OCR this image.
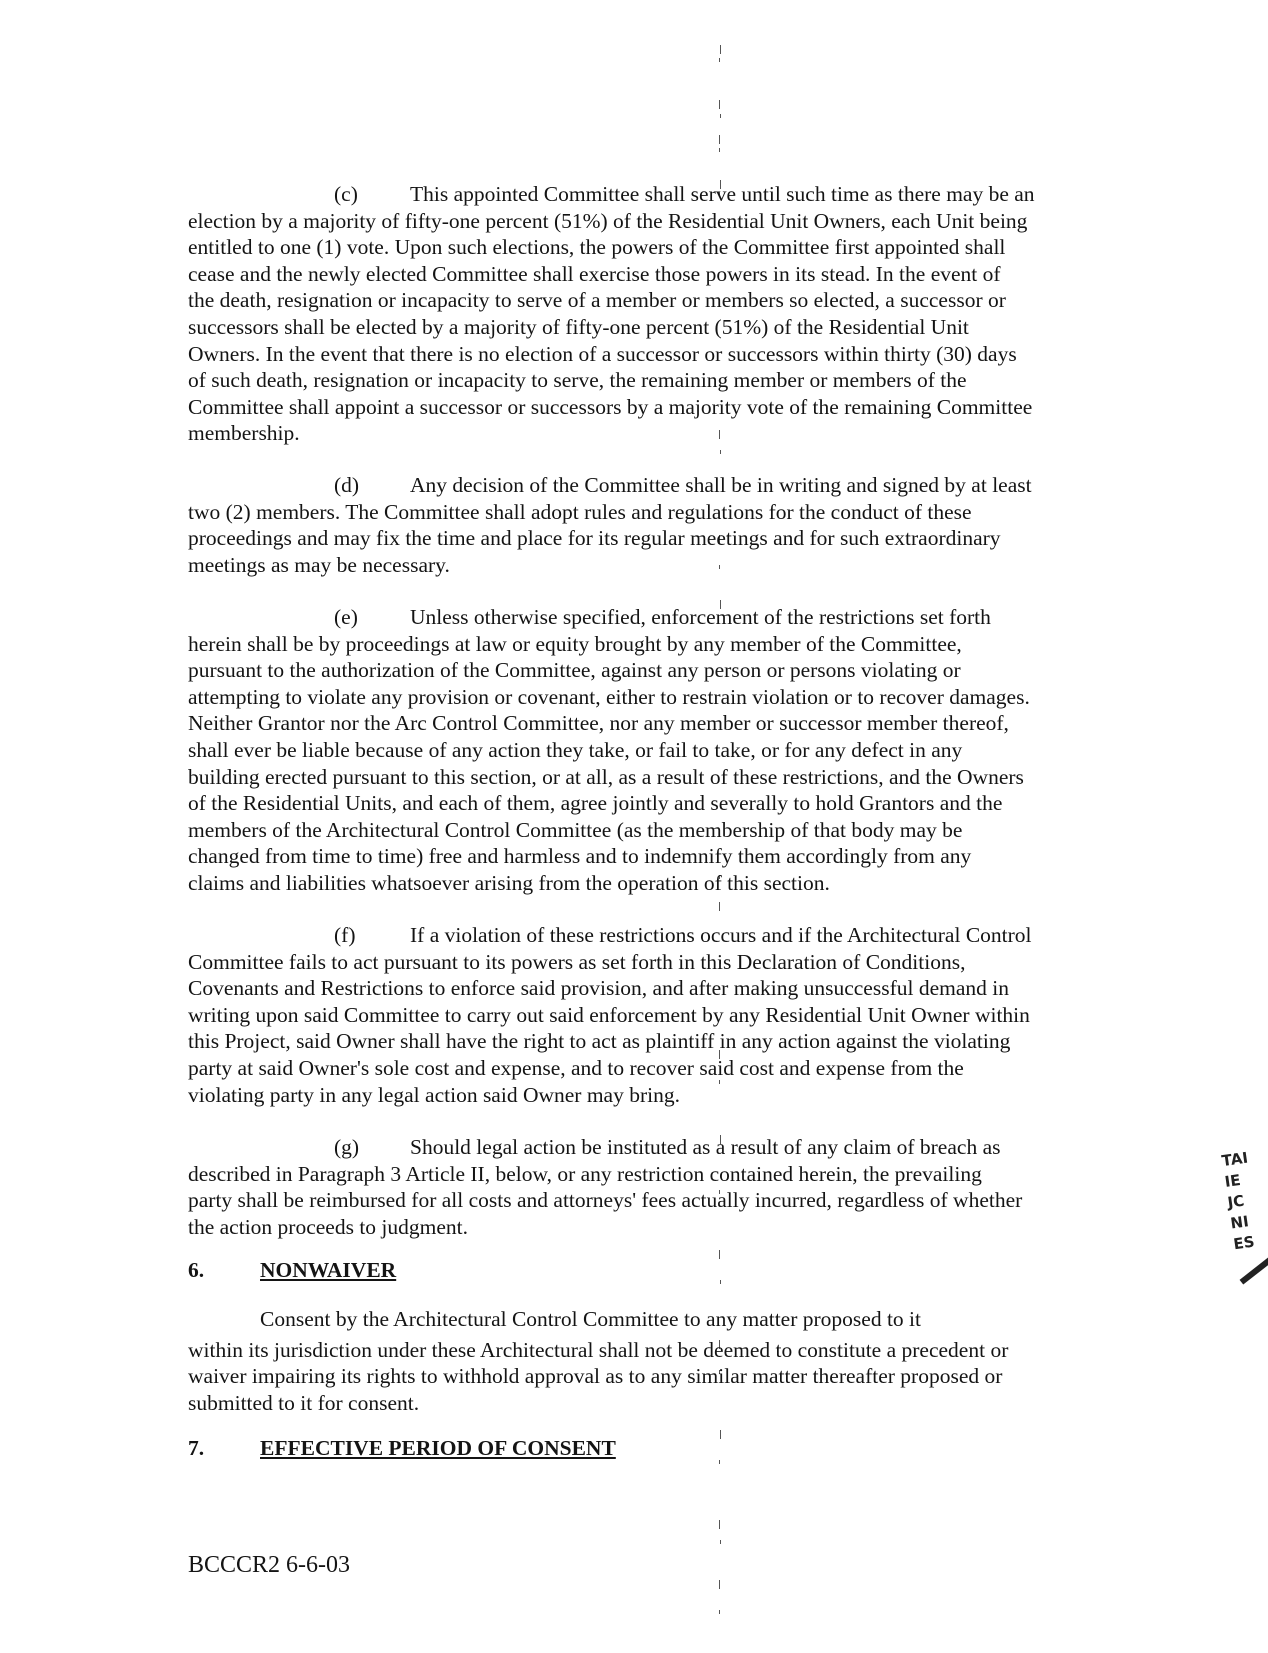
(c) This appointed Committee shall serve until such time as there may be an
election by a majority of fifty-one percent (51%) of the Residential Unit Owners, each Unit being
entitled to one (1) vote. Upon such elections, the powers of the Committee first appointed shall
cease and the newly elected Committee shall exercise those powers in its stead. In the event of
the death, resignation or incapacity to serve of a member or members so elected, a successor or
successors shall be elected by a majority of fifty-one percent (51%) of the Residential Unit
Owners. In the event that there is no election of a successor or successors within thirty (30) days
of such death, resignation or incapacity to serve, the remaining member or members of the
Committee shall appoint a successor or successors by a majority vote of the remaining Committee
membership.
(d) Any decision of the Committee shall be in writing and signed by at least
two (2) members. The Committee shall adopt rules and regulations for the conduct of these
proceedings and may fix the time and place for its regular meetings and for such extraordinary
meetings as may be necessary.
(e) Unless otherwise specified, enforcement of the restrictions set forth
herein shall be by proceedings at law or equity brought by any member of the Committee,
pursuant to the authorization of the Committee, against any person or persons violating or
attempting to violate any provision or covenant, either to restrain violation or to recover damages.
Neither Grantor nor the Arc Control Committee, nor any member or successor member thereof,
shall ever be liable because of any action they take, or fail to take, or for any defect in any
building erected pursuant to this section, or at all, as a result of these restrictions, and the Owners
of the Residential Units, and each of them, agree jointly and severally to hold Grantors and the
members of the Architectural Control Committee (as the membership of that body may be
changed from time to time) free and harmless and to indemnify them accordingly from any
claims and liabilities whatsoever arising from the operation of this section.
(f)	If a violation of these restrictions occurs and if the Architectural Control
Committee fails to act pursuant to its powers as set forth in this Declaration of Conditions,
Covenants and Restrictions to enforce said provision, and after making unsuccessful demand in
writing upon said Committee to carry out said enforcement by any Residential Unit Owner within
this Project, said Owner shall have the right to act as plaintiff in any action against the violating
party at said Owner's sole cost and expense, and to recover said cost and expense from the
violating party in any legal action said Owner may bring.
(g) Should legal action be instituted as a result of any claim of breach as
described in Paragraph 3 Article II, below, or any restriction contained herein, the prevailing
party shall be reimbursed for all costs and attorneys' fees actually incurred, regardless of whether
the action proceeds to judgment.
6.	NONWAIVER
Consent by the Architectural Control Committee to any matter proposed to it
within its jurisdiction under these Architectural shall not be deemed to constitute a precedent or
waiver impairing its rights to withhold approval as to any similar matter thereafter proposed or
submitted to it for consent.
7.	EFFECTIVE PERIOD OF CONSENT
BCCCR2 6-6-03
TAI
IE
JC
NI
ES
